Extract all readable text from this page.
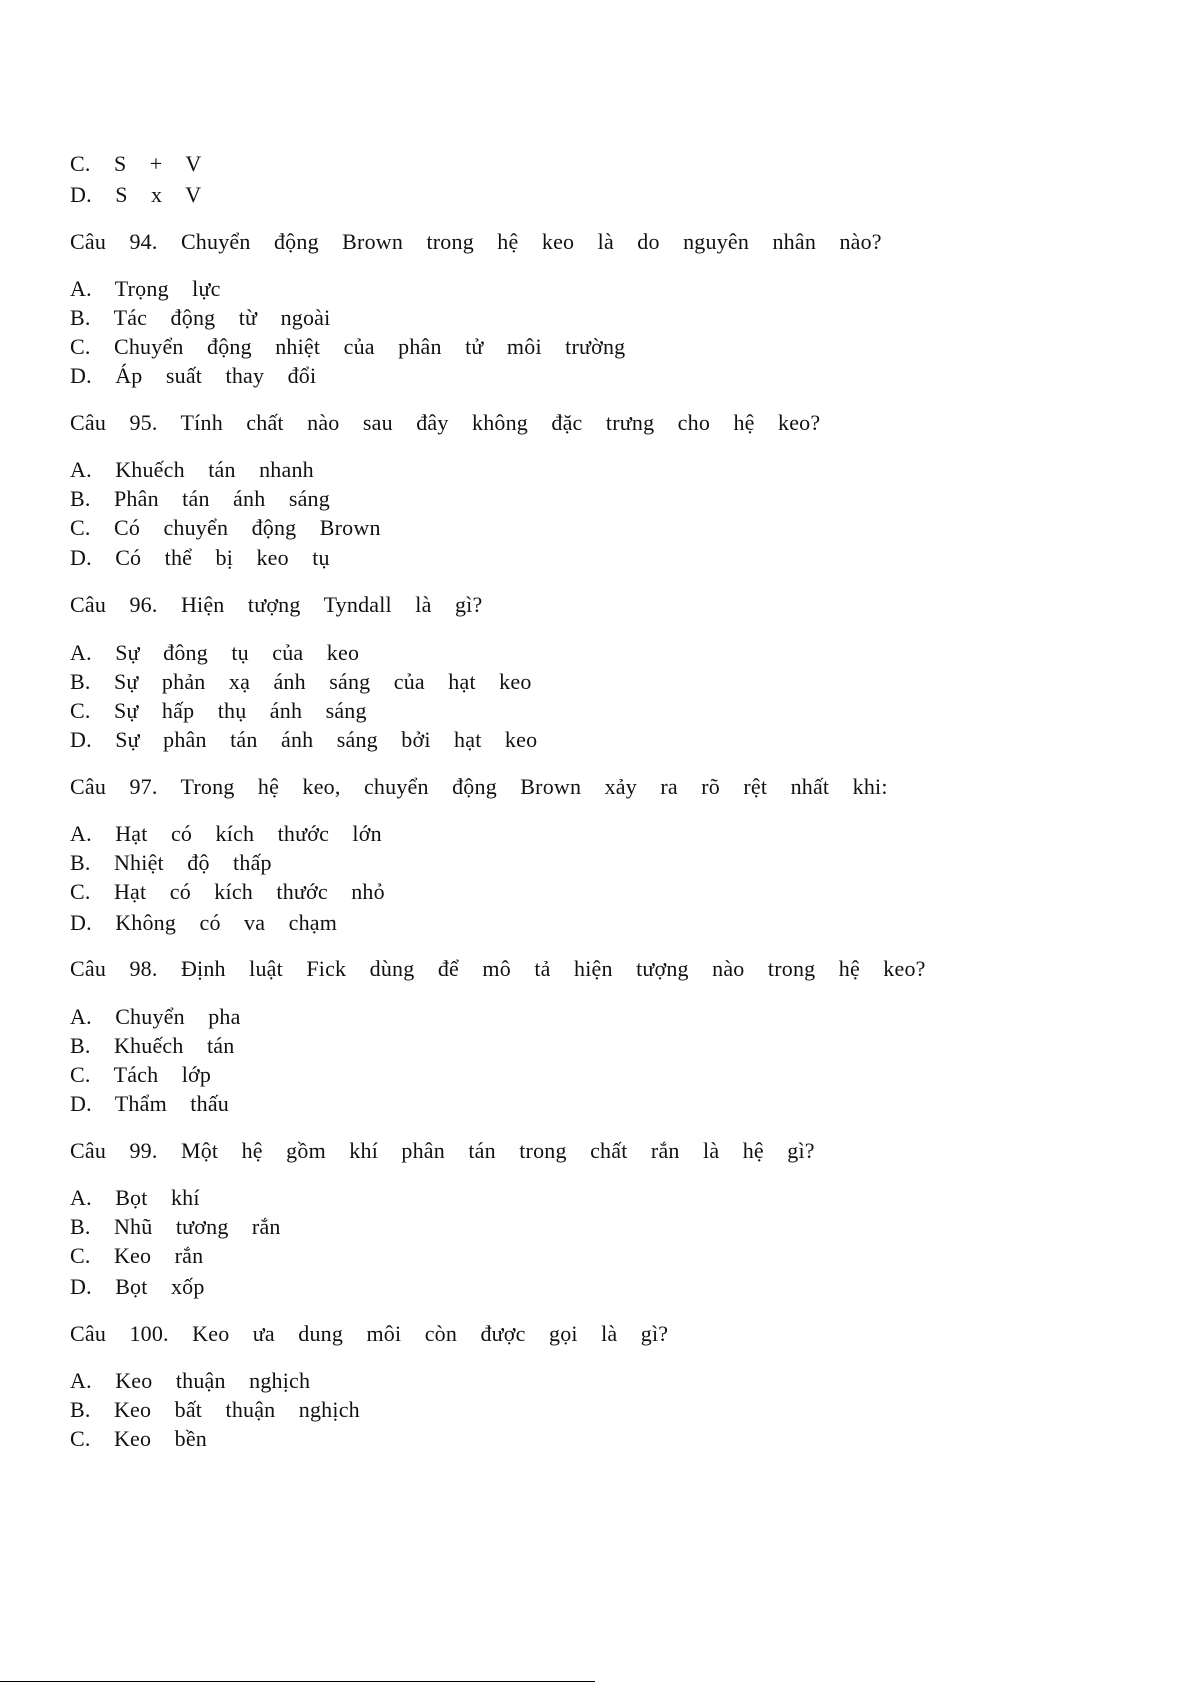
C.  S  +  V
D.  S  x  V
Câu  94.  Chuyển  động  Brown  trong  hệ  keo  là  do  nguyên  nhân  nào?
A.  Trọng  lực
B.  Tác  động  từ  ngoài
C.  Chuyển  động  nhiệt  của  phân  tử  môi  trường
D.  Áp  suất  thay  đổi
Câu  95.  Tính  chất  nào  sau  đây  không  đặc  trưng  cho  hệ  keo?
A.  Khuếch  tán  nhanh
B.  Phân  tán  ánh  sáng
C.  Có  chuyển  động  Brown
D.  Có  thể  bị  keo  tụ
Câu  96.  Hiện  tượng  Tyndall  là  gì?
A.  Sự  đông  tụ  của  keo
B.  Sự  phản  xạ  ánh  sáng  của  hạt  keo
C.  Sự  hấp  thụ  ánh  sáng
D.  Sự  phân  tán  ánh  sáng  bởi  hạt  keo
Câu  97.  Trong  hệ  keo,  chuyển  động  Brown  xảy  ra  rõ  rệt  nhất  khi:
A.  Hạt  có  kích  thước  lớn
B.  Nhiệt  độ  thấp
C.  Hạt  có  kích  thước  nhỏ
D.  Không  có  va  chạm
Câu  98.  Định  luật  Fick  dùng  để  mô  tả  hiện  tượng  nào  trong  hệ  keo?
A.  Chuyển  pha
B.  Khuếch  tán
C.  Tách  lớp
D.  Thẩm  thấu
Câu  99.  Một  hệ  gồm  khí  phân  tán  trong  chất  rắn  là  hệ  gì?
A.  Bọt  khí
B.  Nhũ  tương  rắn
C.  Keo  rắn
D.  Bọt  xốp
Câu  100.  Keo  ưa  dung  môi  còn  được  gọi  là  gì?
A.  Keo  thuận  nghịch
B.  Keo  bất  thuận  nghịch
C.  Keo  bền
